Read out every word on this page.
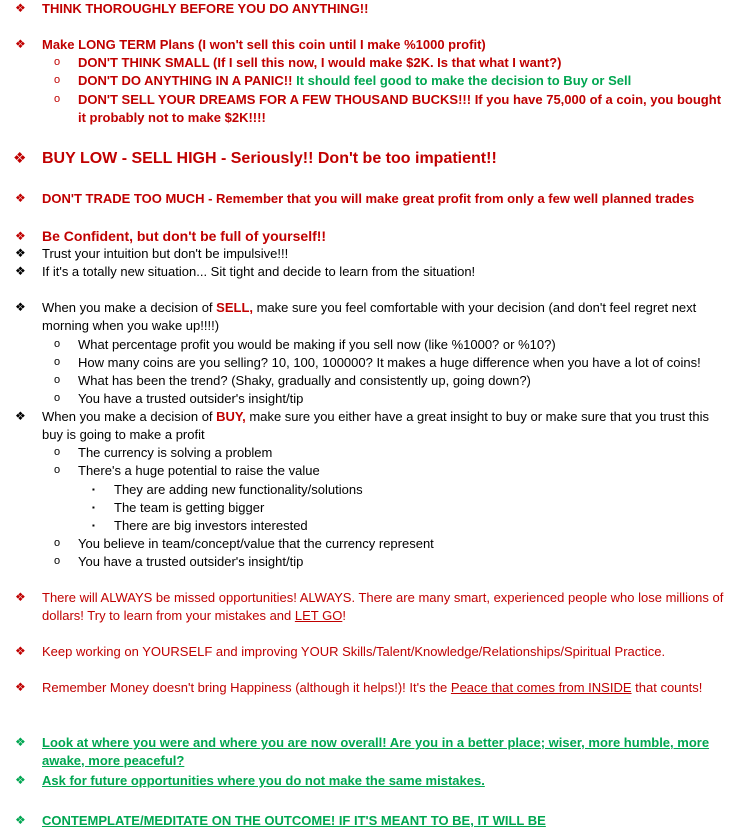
❖ THINK THOROUGHLY BEFORE YOU DO ANYTHING!!
❖ Make LONG TERM Plans (I won't sell this coin until I make %1000 profit)
o DON'T THINK SMALL (If I sell this now, I would make $2K. Is that what I want?)
o DON'T DO ANYTHING IN A PANIC!! It should feel good to make the decision to Buy or Sell
o DON'T SELL YOUR DREAMS FOR A FEW THOUSAND BUCKS!!! If you have 75,000 of a coin, you bought it probably not to make $2K!!!!
❖ BUY LOW - SELL HIGH - Seriously!! Don't be too impatient!!
❖ DON'T TRADE TOO MUCH - Remember that you will make great profit from only a few well planned trades
❖ Be Confident, but don't be full of yourself!!
❖ Trust your intuition but don't be impulsive!!!
❖ If it's a totally new situation... Sit tight and decide to learn from the situation!
❖ When you make a decision of SELL, make sure you feel comfortable with your decision (and don't feel regret next morning when you wake up!!!!)
o What percentage profit you would be making if you sell now (like %1000? or %10?)
o How many coins are you selling? 10, 100, 100000? It makes a huge difference when you have a lot of coins!
o What has been the trend? (Shaky, gradually and consistently up, going down?)
o You have a trusted outsider's insight/tip
❖ When you make a decision of BUY, make sure you either have a great insight to buy or make sure that you trust this buy is going to make a profit
o The currency is solving a problem
o There's a huge potential to raise the value
▪ They are adding new functionality/solutions
▪ The team is getting bigger
▪ There are big investors interested
o You believe in team/concept/value that the currency represent
o You have a trusted outsider's insight/tip
❖ There will ALWAYS be missed opportunities! ALWAYS. There are many smart, experienced people who lose millions of dollars! Try to learn from your mistakes and LET GO!
❖ Keep working on YOURSELF and improving YOUR Skills/Talent/Knowledge/Relationships/Spiritual Practice.
❖ Remember Money doesn't bring Happiness (although it helps!)! It's the Peace that comes from INSIDE that counts!
❖ Look at where you were and where you are now overall! Are you in a better place; wiser, more humble, more awake, more peaceful?
❖ Ask for future opportunities where you do not make the same mistakes.
❖ CONTEMPLATE/MEDITATE ON THE OUTCOME! IF IT'S MEANT TO BE, IT WILL BE
